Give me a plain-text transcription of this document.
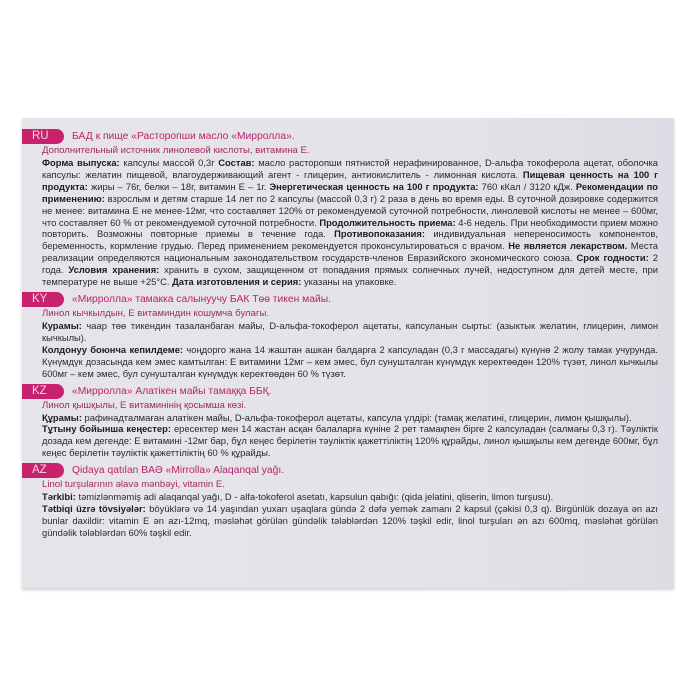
RU	БАД к пище «Расторопши масло «Мирролла».
Дополнительный источник линолевой кислоты, витамина Е.

Форма выпуска: капсулы массой 0,3г Состав: масло расторопши пятнистой нерафинированное, D-альфа токоферола ацетат, оболочка капсулы: желатин пищевой, влагоудерживающий агент - глицерин, антиокислитель - лимонная кислота. Пищевая ценность на 100 г продукта: жиры – 76г, белки – 18г, витамин Е – 1г. Энергетическая ценность на 100 г продукта: 760 кКал / 3120 кДж. Рекомендации по применению: взрослым и детям старше 14 лет по 2 капсулы (массой 0,3 г) 2 раза в день во время еды. В суточной дозировке содержится не менее: витамина Е не менее-12мг, что составляет 120% от рекомендуемой суточной потребности, линолевой кислоты не менее – 600мг, что составляет 60 % от рекомендуемой суточной потребности. Продолжительность приема: 4-6 недель. При необходимости прием можно повторить. Возможны повторные приемы в течение года. Противопоказания: индивидуальная непереносимость компонентов, беременность, кормление грудью. Перед применением рекомендуется проконсультироваться с врачом. Не является лекарством. Места реализации определяются национальным законодательством государств-членов Евразийского экономического союза. Срок годности: 2 года. Условия хранения: хранить в сухом, защищенном от попадания прямых солнечных лучей, недоступном для детей месте, при температуре не выше +25°С. Дата изготовления и серия: указаны на упаковке.

KY	«Мирролла» тамакка салынуучу БАК Төө тикен майы.
Линол кычкылдын, Е витаминдин кошумча булагы.

Курамы: чаар төө тикендин тазаланбаган майы, D-альфа-токоферол ацетаты, капсуланын сырты: (азыктык желатин, глицерин, лимон кычкылы).

Колдонуу боюнча кепилдеме: чоңдорго жана 14 жаштан ашкан балдарга 2 капсуладан (0,3 г массадагы) күнүнө 2 жолу тамак учурунда. Күнүмдүк дозасында кем эмес камтылган: Е витамини 12мг – кем эмес, бул сунушталган күнүмдүк керектөөдөн 120% түзөт, линол кычкылы 600мг – кем эмес, бул сунушталган күнүмдүк керектөөдөн 60 % түзөт.

KZ	«Мирролла» Алатікен майы тамаққа ББҚ.
Линол қышқылы, Е витаминінің қосымша көзі.

Құрамы: рафинадталмаған алатікен майы, D-альфа-токоферол ацетаты, капсула үлдірі: (тамақ желатині, глицерин, лимон қышқылы).

Тұтыну бойынша кеңестер: ересектер мен 14 жастан асқан балаларға күніне 2 рет тамақпен бірге 2 капсуладан (салмағы 0,3 г). Тәуліктік дозада кем дегенде: Е витамині -12мг бар, бұл кеңес берілетін тәуліктік қажеттіліктің 120% құрайды, линол қышқылы кем дегенде 600мг, бұл кеңес берілетін тәуліктік қажеттіліктің 60 % құрайды.

AZ	Qidaya qatılan BAƏ «Mirrolla» Alaqanqal yağı.
Linol turşularının əlavə mənbəyi, vitamin E.

Tərkibi: təmizlənməmiş adi alaqanqal yağı, D - alfa-tokoferol asetatı, kapsulun qabığı: (qida jelatini, qliserin, limon turşusu).

Tətbiqi üzrə tövsiyələr: böyüklərə və 14 yaşından yuxarı uşaqlara gündə 2 dəfə yemək zamanı 2 kapsul (çəkisi 0,3 q). Birgünlük dozaya ən azı bunlar daxildir: vitamin E ən azı-12mq, məsləhət görülən gündəlik tələblərdən 120% təşkil edir, linol turşuları ən azı 600mq, məsləhət görülən gündəlik tələblərdən 60% təşkil edir.
